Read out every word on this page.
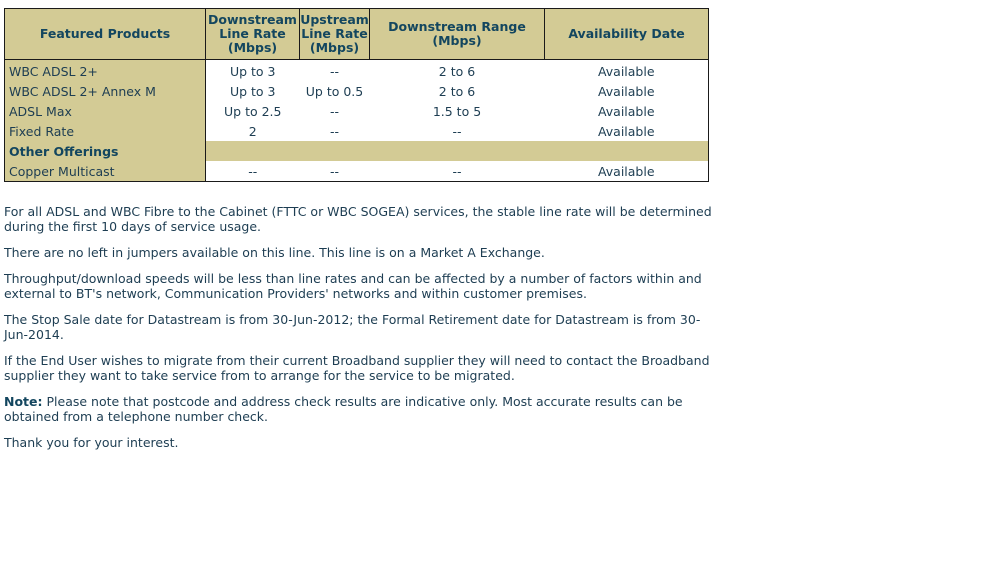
Featured Products	Downstream Line Rate (Mbps)	Upstream Line Rate (Mbps)	Downstream Range (Mbps)	Availability Date
WBC ADSL 2+	Up to 3	--	2 to 6	Available
WBC ADSL 2+ Annex M	Up to 3	Up to 0.5	2 to 6	Available
ADSL Max	Up to 2.5	--	1.5 to 5	Available
Fixed Rate	2	--	--	Available
Other Offerings				
Copper Multicast	--	--	--	Available

For all ADSL and WBC Fibre to the Cabinet (FTTC or WBC SOGEA) services, the stable line rate will be determined during the first 10 days of service usage.

There are no left in jumpers available on this line. This line is on a Market A Exchange.

Throughput/download speeds will be less than line rates and can be affected by a number of factors within and external to BT's network, Communication Providers' networks and within customer premises.

The Stop Sale date for Datastream is from 30-Jun-2012; the Formal Retirement date for Datastream is from 30-Jun-2014.

If the End User wishes to migrate from their current Broadband supplier they will need to contact the Broadband supplier they want to take service from to arrange for the service to be migrated.

Note: Please note that postcode and address check results are indicative only. Most accurate results can be obtained from a telephone number check.

Thank you for your interest.
